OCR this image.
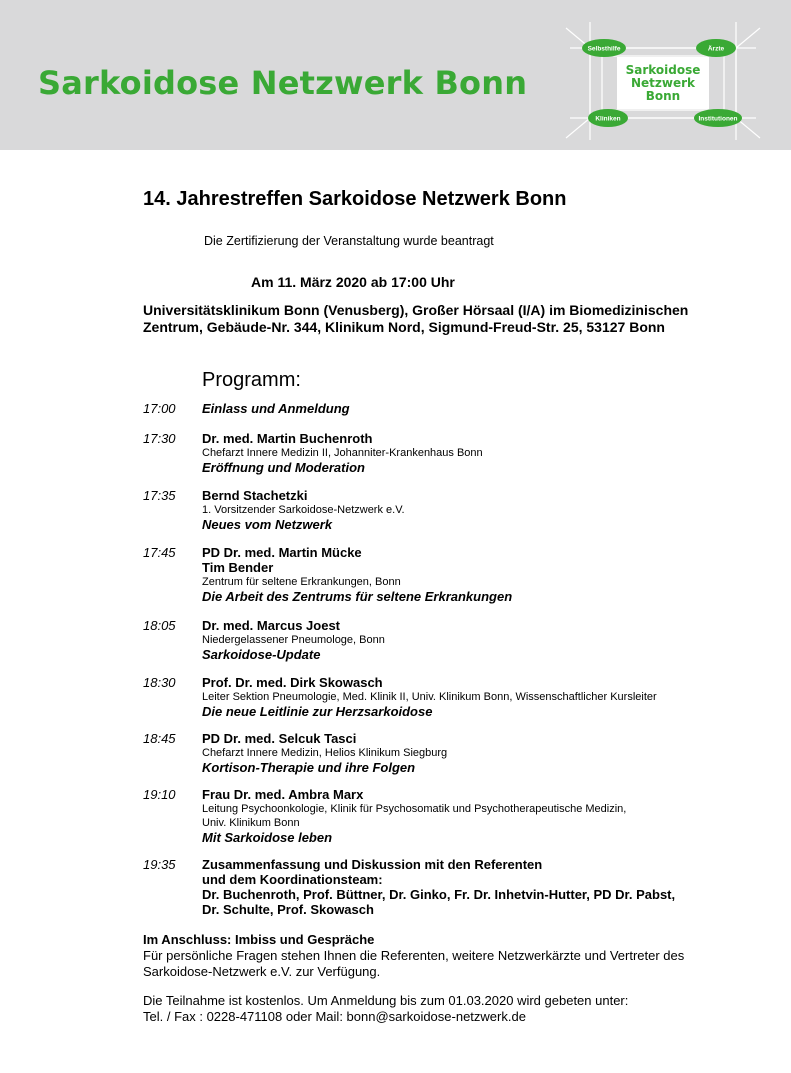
Sarkoidose Netzwerk Bonn
Selbsthilfe	Ärzte
Kliniken	Institutionen
Sarkoidose
Netzwerk
Bonn
14. Jahrestreffen Sarkoidose Netzwerk Bonn
Die Zertifizierung der Veranstaltung wurde beantragt
Am 11. März 2020 ab 17:00 Uhr
Universitätsklinikum Bonn (Venusberg), Großer Hörsaal (I/A) im Biomedizinischen
Zentrum, Gebäude-Nr. 344, Klinikum Nord, Sigmund-Freud-Str. 25, 53127 Bonn
Programm:
17:00 Einlass und Anmeldung
17:30 Dr. med. Martin Buchenroth
Chefarzt Innere Medizin II, Johanniter-Krankenhaus Bonn
Eröffnung und Moderation
17:35 Bernd Stachetzki
1. Vorsitzender Sarkoidose-Netzwerk e.V.
Neues vom Netzwerk
17:45 PD Dr. med. Martin Mücke
Tim Bender
Zentrum für seltene Erkrankungen, Bonn
Die Arbeit des Zentrums für seltene Erkrankungen
18:05 Dr. med. Marcus Joest
Niedergelassener Pneumologe, Bonn
Sarkoidose-Update
18:30 Prof. Dr. med. Dirk Skowasch
Leiter Sektion Pneumologie, Med. Klinik II, Univ. Klinikum Bonn, Wissenschaftlicher Kursleiter
Die neue Leitlinie zur Herzsarkoidose
18:45 PD Dr. med. Selcuk Tasci
Chefarzt Innere Medizin, Helios Klinikum Siegburg
Kortison-Therapie und ihre Folgen
19:10 Frau Dr. med. Ambra Marx
Leitung Psychoonkologie, Klinik für Psychosomatik und Psychotherapeutische Medizin,
Univ. Klinikum Bonn
Mit Sarkoidose leben
19:35 Zusammenfassung und Diskussion mit den Referenten
und dem Koordinationsteam:
Dr. Buchenroth, Prof. Büttner, Dr. Ginko, Fr. Dr. Inhetvin-Hutter, PD Dr. Pabst,
Dr. Schulte, Prof. Skowasch
Im Anschluss: Imbiss und Gespräche
Für persönliche Fragen stehen Ihnen die Referenten, weitere Netzwerkärzte und Vertreter des
Sarkoidose-Netzwerk e.V. zur Verfügung.
Die Teilnahme ist kostenlos. Um Anmeldung bis zum 01.03.2020 wird gebeten unter:
Tel. / Fax : 0228-471108 oder Mail: bonn@sarkoidose-netzwerk.de
